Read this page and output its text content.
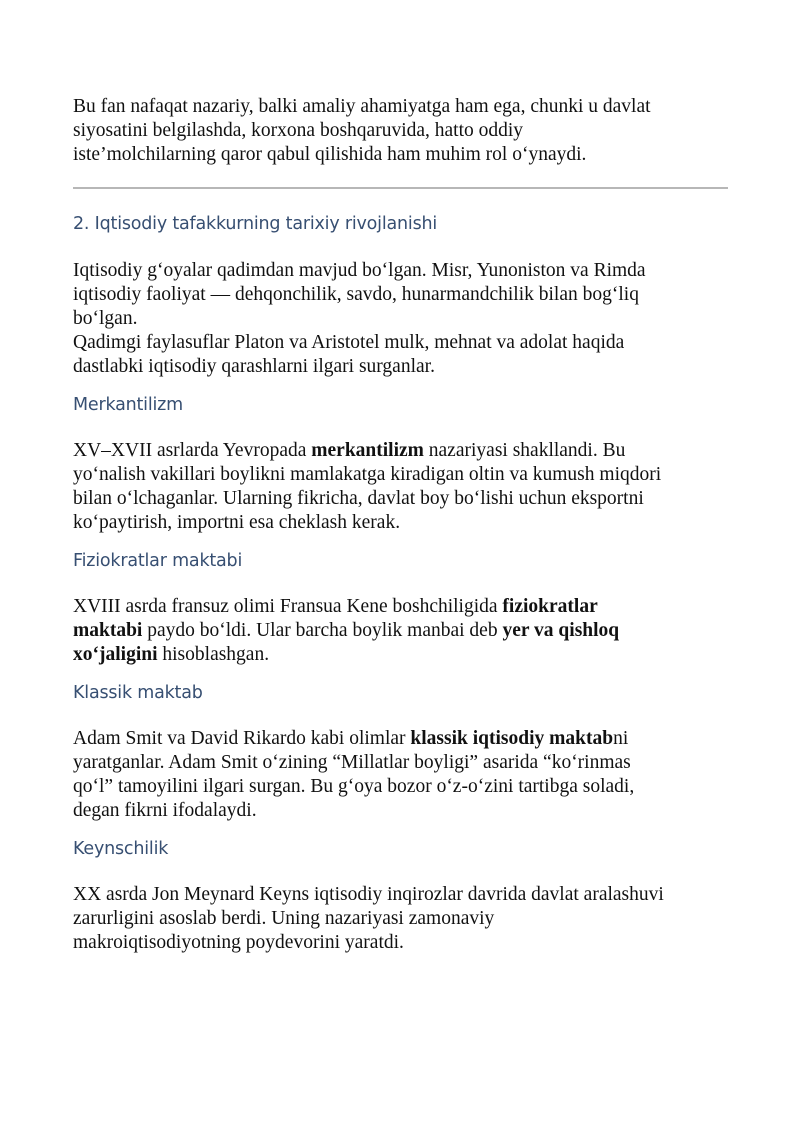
Bu fan nafaqat nazariy, balki amaliy ahamiyatga ham ega, chunki u davlat
siyosatini belgilashda, korxona boshqaruvida, hatto oddiy
iste’molchilarning qaror qabul qilishida ham muhim rol o‘ynaydi.

2. Iqtisodiy tafakkurning tarixiy rivojlanishi

Iqtisodiy g‘oyalar qadimdan mavjud bo‘lgan. Misr, Yunoniston va Rimda
iqtisodiy faoliyat — dehqonchilik, savdo, hunarmandchilik bilan bog‘liq
bo‘lgan.
Qadimgi faylasuflar Platon va Aristotel mulk, mehnat va adolat haqida
dastlabki iqtisodiy qarashlarni ilgari surganlar.

Merkantilizm

XV–XVII asrlarda Yevropada merkantilizm nazariyasi shakllandi. Bu
yo‘nalish vakillari boylikni mamlakatga kiradigan oltin va kumush miqdori
bilan o‘lchaganlar. Ularning fikricha, davlat boy bo‘lishi uchun eksportni
ko‘paytirish, importni esa cheklash kerak.

Fiziokratlar maktabi

XVIII asrda fransuz olimi Fransua Kene boshchiligida fiziokratlar
maktabi paydo bo‘ldi. Ular barcha boylik manbai deb yer va qishloq
xo‘jaligini hisoblashgan.

Klassik maktab

Adam Smit va David Rikardo kabi olimlar klassik iqtisodiy maktabni
yaratganlar. Adam Smit o‘zining “Millatlar boyligi” asarida “ko‘rinmas
qo‘l” tamoyilini ilgari surgan. Bu g‘oya bozor o‘z-o‘zini tartibga soladi,
degan fikrni ifodalaydi.

Keynschilik

XX asrda Jon Meynard Keyns iqtisodiy inqirozlar davrida davlat aralashuvi
zarurligini asoslab berdi. Uning nazariyasi zamonaviy
makroiqtisodiyotning poydevorini yaratdi.
